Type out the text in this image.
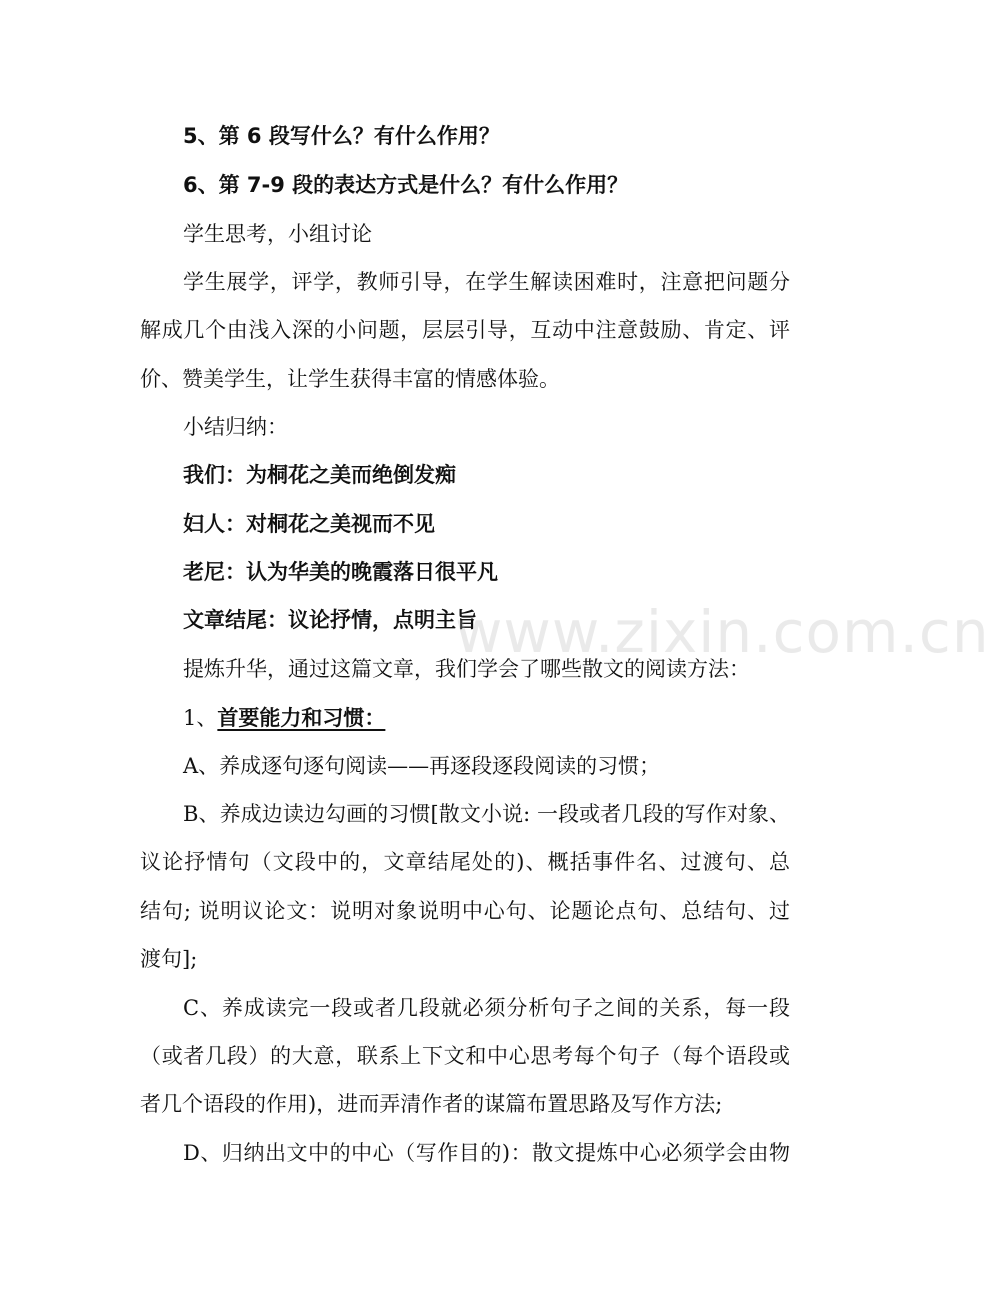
5、第 6 段写什么？有什么作用？
6、第 7-9 段的表达方式是什么？有什么作用？
学生思考，小组讨论
学生展学，评学，教师引导，在学生解读困难时，注意把问题分
解成几个由浅入深的小问题，层层引导，互动中注意鼓励、肯定、评
价、赞美学生，让学生获得丰富的情感体验。
小结归纳：
我们：为桐花之美而绝倒发痴
妇人：对桐花之美视而不见
老尼：认为华美的晚霞落日很平凡
文章结尾：议论抒情，点明主旨
提炼升华，通过这篇文章，我们学会了哪些散文的阅读方法：
1、首要能力和习惯：
A、养成逐句逐句阅读——再逐段逐段阅读的习惯；
B、养成边读边勾画的习惯[散文小说: 一段或者几段的写作对象、
议论抒情句（文段中的，文章结尾处的)、概括事件名、过渡句、总
结句; 说明议论文：说明对象说明中心句、论题论点句、总结句、过
渡句];
C、养成读完一段或者几段就必须分析句子之间的关系，每一段
（或者几段）的大意，联系上下文和中心思考每个句子（每个语段或
者几个语段的作用)，进而弄清作者的谋篇布置思路及写作方法;
D、归纳出文中的中心（写作目的)：散文提炼中心必须学会由物
www.zixin.com.cn
